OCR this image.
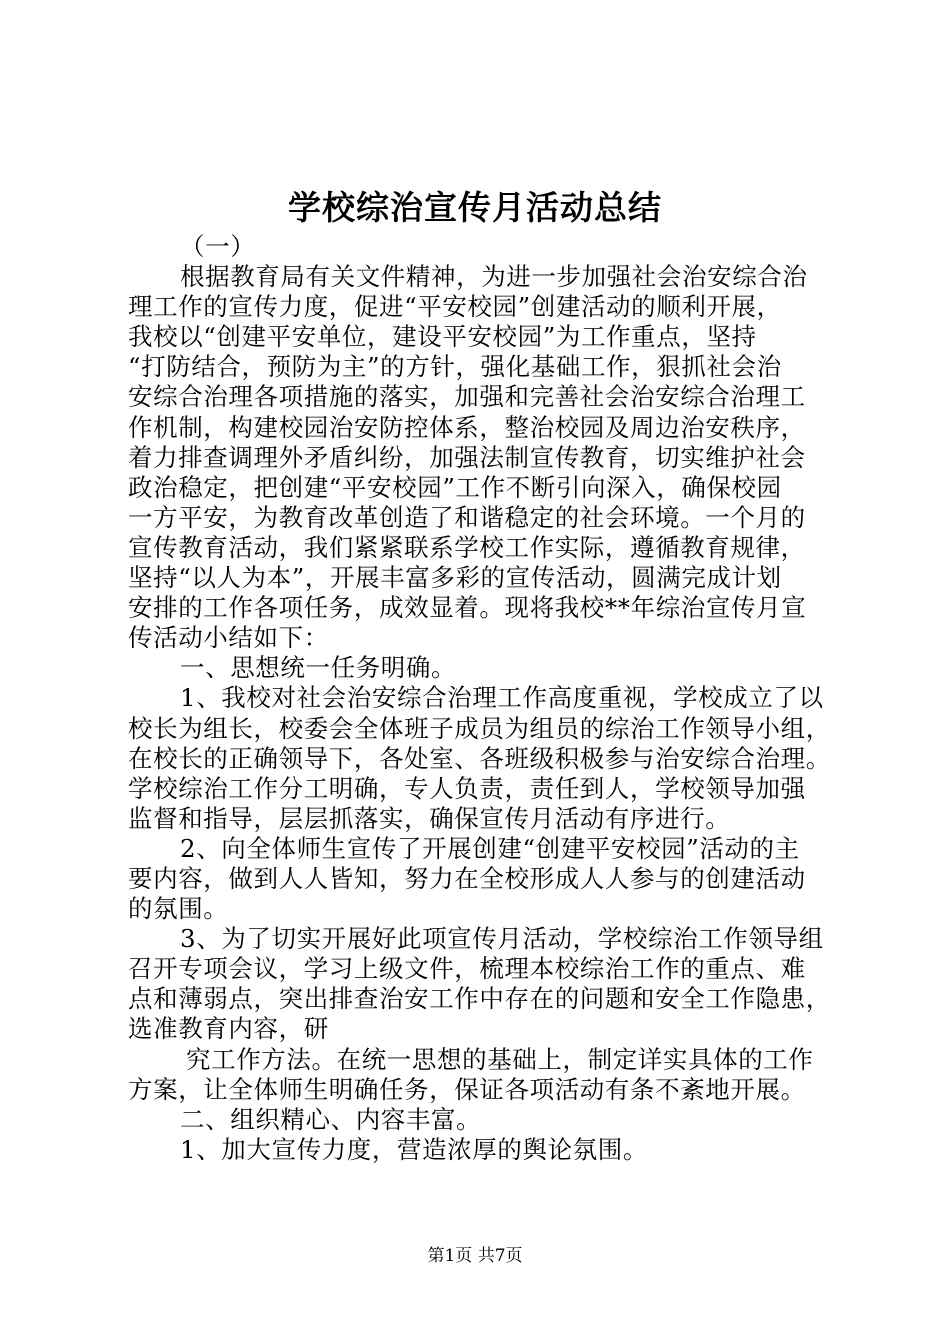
学校综治宣传月活动总结
（一）
根据教育局有关文件精神，为进一步加强社会治安综合治
理工作的宣传力度，促进“平安校园”创建活动的顺利开展，
我校以“创建平安单位，建设平安校园”为工作重点，坚持
“打防结合，预防为主”的方针，强化基础工作，狠抓社会治
安综合治理各项措施的落实，加强和完善社会治安综合治理工
作机制，构建校园治安防控体系，整治校园及周边治安秩序，
着力排查调理外矛盾纠纷，加强法制宣传教育，切实维护社会
政治稳定，把创建“平安校园”工作不断引向深入，确保校园
一方平安，为教育改革创造了和谐稳定的社会环境。一个月的
宣传教育活动，我们紧紧联系学校工作实际，遵循教育规律，
坚持“以人为本”，开展丰富多彩的宣传活动，圆满完成计划
安排的工作各项任务，成效显着。现将我校**年综治宣传月宣
传活动小结如下：
一、思想统一任务明确。
1、我校对社会治安综合治理工作高度重视，学校成立了以
校长为组长，校委会全体班子成员为组员的综治工作领导小组，
在校长的正确领导下，各处室、各班级积极参与治安综合治理。
学校综治工作分工明确，专人负责，责任到人，学校领导加强
监督和指导，层层抓落实，确保宣传月活动有序进行。
2、向全体师生宣传了开展创建“创建平安校园”活动的主
要内容，做到人人皆知，努力在全校形成人人参与的创建活动
的氛围。
3、为了切实开展好此项宣传月活动，学校综治工作领导组
召开专项会议，学习上级文件，梳理本校综治工作的重点、难
点和薄弱点，突出排查治安工作中存在的问题和安全工作隐患，
选准教育内容，研
究工作方法。在统一思想的基础上，制定详实具体的工作
方案，让全体师生明确任务，保证各项活动有条不紊地开展。
二、组织精心、内容丰富。
1、加大宣传力度，营造浓厚的舆论氛围。
第1页 共7页
